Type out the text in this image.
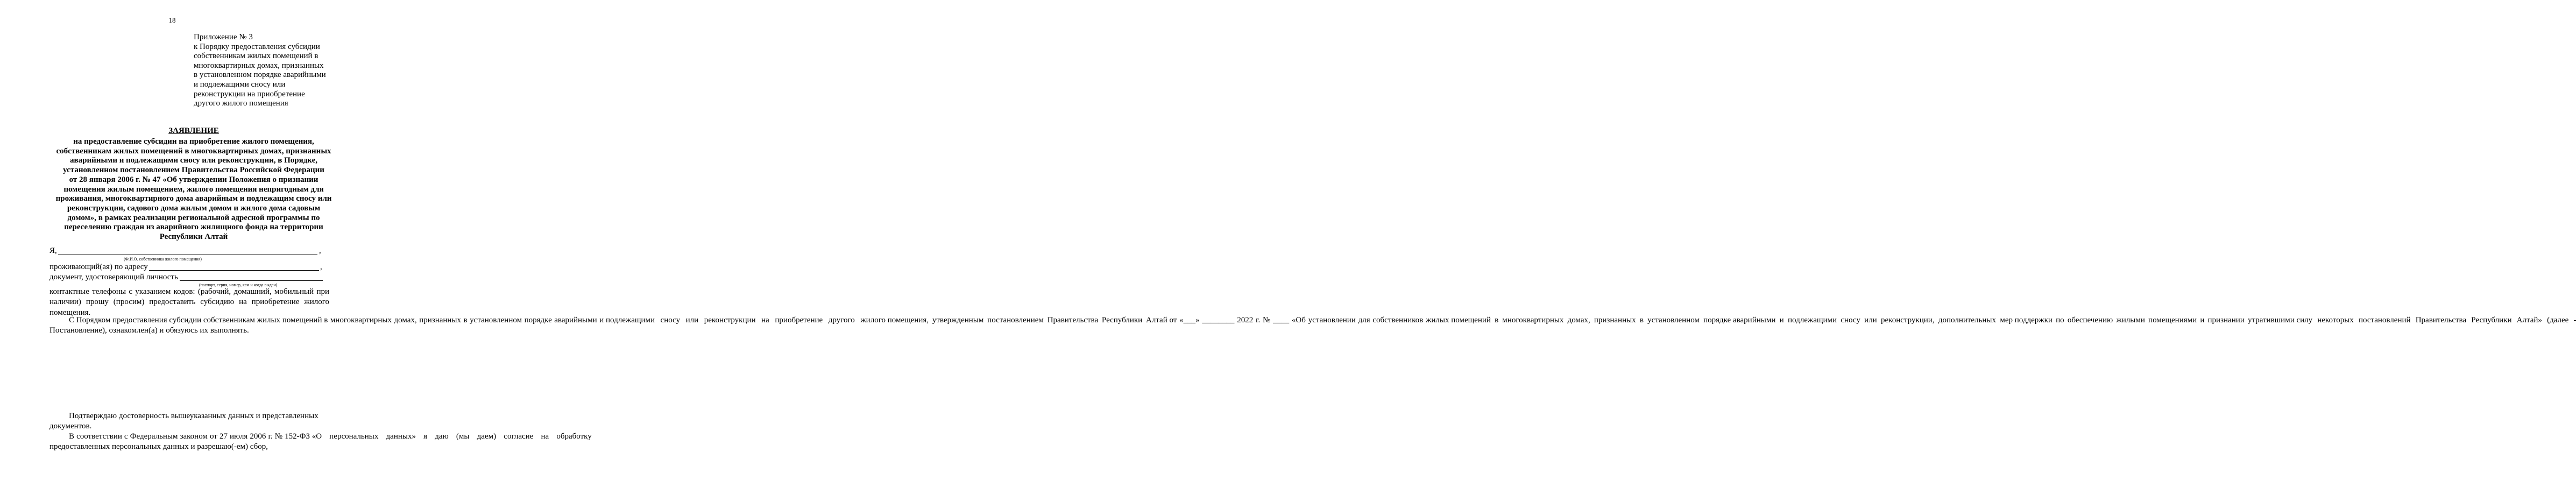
18
Приложение № 3
к Порядку предоставления субсидии
собственникам жилых помещений в
многоквартирных домах, признанных
в установленном порядке аварийными
и подлежащими сносу или
реконструкции на приобретение
другого жилого помещения
ЗАЯВЛЕНИЕ
на предоставление субсидии на приобретение жилого помещения,
собственникам жилых помещений в многоквартирных домах, признанных
аварийными и подлежащими сносу или реконструкции, в Порядке,
установленном постановлением Правительства Российской Федерации
от 28 января 2006 г. № 47 «Об утверждении Положения о признании
помещения жилым помещением, жилого помещения непригодным для
проживания, многоквартирного дома аварийным и подлежащим сносу или
реконструкции, садового дома жилым домом и жилого дома садовым
домом», в рамках реализации региональной адресной программы по
переселению граждан из аварийного жилищного фонда на территории
Республики Алтай
Я,	,
(Ф.И.О. собственника жилого помещения)
проживающий(ая) по адресу	,
документ, удостоверяющий личность
(паспорт, серия, номер, кем и когда выдан)
контактные телефоны с указанием кодов: (рабочий, домашний, мобильный при
наличии) прошу (просим) предоставить субсидию на приобретение жилого
помещения.
С Порядком предоставления субсидии собственникам жилых помещений в многоквартирных домах, признанных в установленном порядке аварийными и подлежащими сносу или реконструкции на приобретение другого жилого помещения, утвержденным постановлением Правительства Республики Алтай от «___» ________ 2022 г. № ____ «Об установлении для собственников жилых помещений в многоквартирных домах, признанных в установленном порядке аварийными и подлежащими сносу или реконструкции, дополнительных мер поддержки по обеспечению жилыми помещениями и признании утратившими силу некоторых постановлений Правительства Республики Алтай» (далее -
Постановление), ознакомлен(а) и обязуюсь их выполнять.
Подтверждаю достоверность вышеуказанных данных и представленных
документов.
В соответствии с Федеральным законом от 27 июля 2006 г. № 152-ФЗ «О персональных данных» я даю (мы даем) согласие на обработку
предоставленных персональных данных и разрешаю(-ем) сбор,
